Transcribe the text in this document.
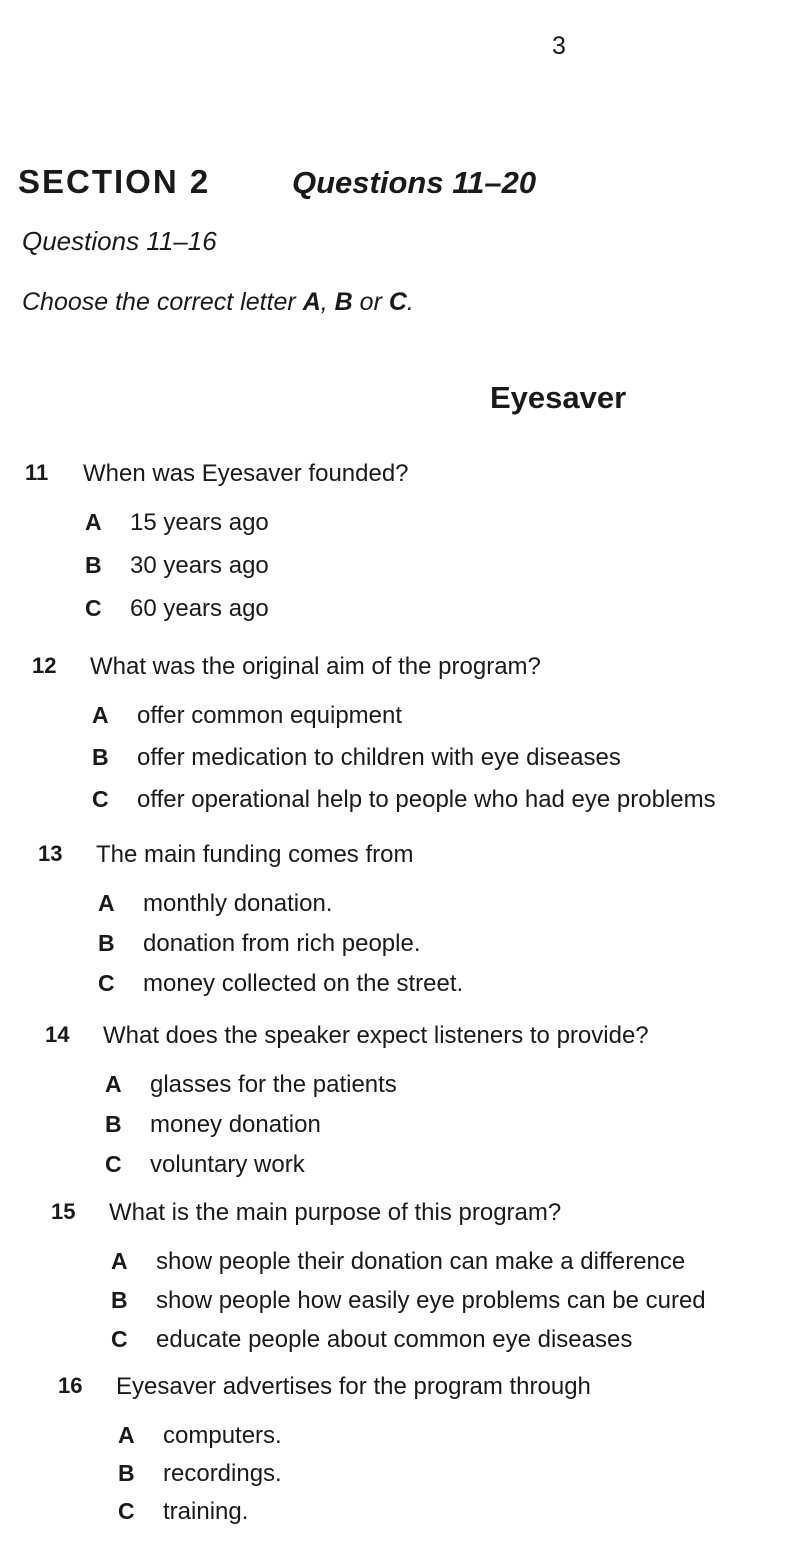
3
SECTION 2	Questions 11–20
Questions 11–16
Choose the correct letter A, B or C.
Eyesaver
11 When was Eyesaver founded?
A 15 years ago
B 30 years ago
C 60 years ago
12 What was the original aim of the program?
A offer common equipment
B offer medication to children with eye diseases
C offer operational help to people who had eye problems
13 The main funding comes from
A monthly donation.
B donation from rich people.
C money collected on the street.
14 What does the speaker expect listeners to provide?
A glasses for the patients
B money donation
C voluntary work
15 What is the main purpose of this program?
A show people their donation can make a difference
B show people how easily eye problems can be cured
C educate people about common eye diseases
16 Eyesaver advertises for the program through
A computers.
B recordings.
C training.
